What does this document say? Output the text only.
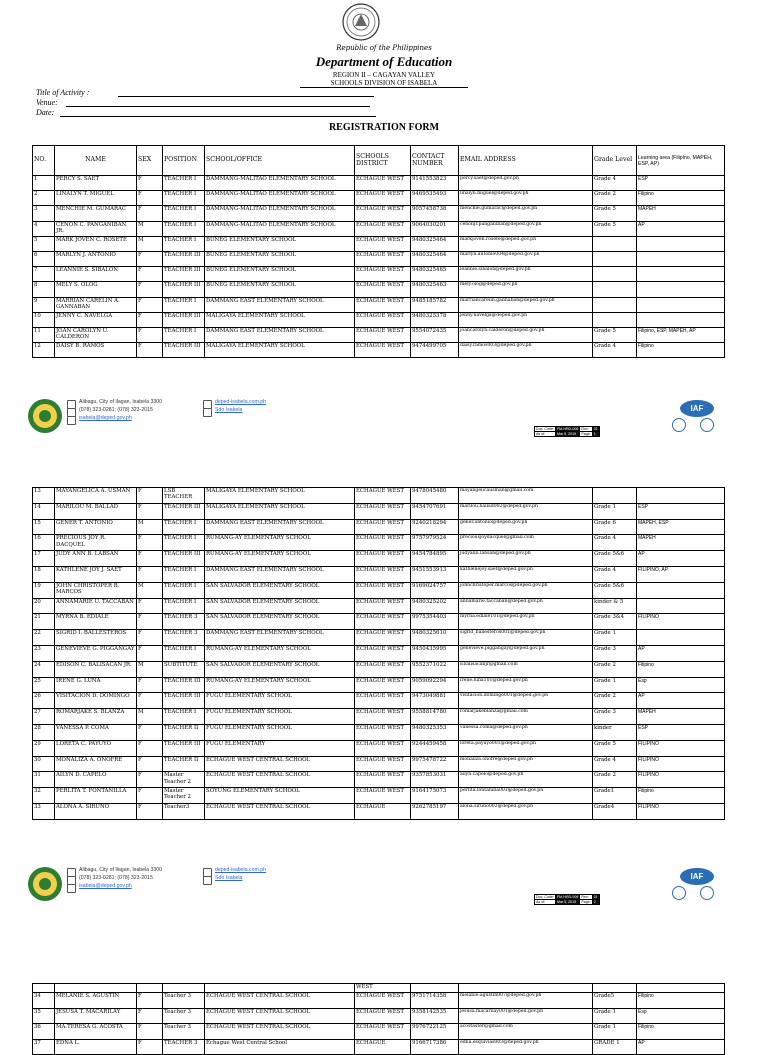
Republic of the Philippines
Department of Education
REGION II – CAGAYAN VALLEY
SCHOOLS DIVISION OF ISABELA
Title of Activity :
Venue:
Date:
REGISTRATION FORM
NO.	NAME	SEX	POSITION	SCHOOL/OFFICE	SCHOOLS DISTRICT	CONTACT NUMBER	EMAIL ADDRESS	Grade Level	Learning area (Filipino, MAPEH, ESP, AP)
1	PERCY S. SAET	F	TEACHER I	DAMMANG-MALITAO ELEMENTARY SCHOOL	ECHAGUE WEST	9141553823	percy.saet@deped.gov.ph	Grade 4	ESP
2	LINALYN T. MIGUEL	F	TEACHER I	DAMMANG-MALITAO ELEMENTARY SCHOOL	ECHAGUE WEST	9469535493	linalyn.miguel@deped.gov.ph	Grade 2	Filipino
3	MENCHIE M. GUMARAC	F	TEACHER I	DAMMANG-MALITAO ELEMENTARY SCHOOL	ECHAGUE WEST	9057458738	menchie.gumarac@deped.gov.ph	Grade 5	MAPEH
4	CENON C. PANGANIBAN JR.	M	TEACHER I	DAMMANG-MALITAO ELEMENTARY SCHOOL	ECHAGUE WEST	9064030201	cenonjr.panganiban@deped.gov.ph	Grade 5	AP
5	MARK JOVEN C. ROSETE	M	TEACHER I	BUNEG ELEMENTARY SCHOOL	ECHAGUE WEST	9480325464	markjoven.rosete@deped.gov.ph		
6	MARLYN J. ANTONIO	F	TEACHER III	BUNEG ELEMENTARY SCHOOL	ECHAGUE WEST	9480325464	marlyn.antonio004@deped.gov.ph		
7	LEANNIE S. SIBALON	F	TEACHER III	BUNEG ELEMENTARY SCHOOL	ECHAGUE WEST	9480325465	leannie.sibalon@deped.gov.ph		
8	MELY S. OLOG	F	TEACHER III	BUNEG ELEMENTARY SCHOOL	ECHAGUE WEST	9480325463	mely.olog@deped.gov.ph		
9	MARRIAN CARELIN A. GANNABAN	F	TEACHER I	DAMMANG EAST ELEMENTARY SCHOOL	ECHAGUE WEST	9485185782	marriancarelin.gannaban@deped.gov.ph		
10	JENNY C. NAVELGA	F	TEACHER III	MALIGAYA ELEMENTARY SCHOOL	ECHAGUE WEST	9480325378	jenny.navelga@deped.gov.ph		
11	JOAN CAROLYN U. CALDERON	F	TEACHER I	DAMMANG EAST ELEMENTARY SCHOOL	ECHAGUE WEST	9554072435	joancarolyn.calderon@deped.gov.ph	Grade 5	Filipino, ESP, MAPEH, AP
12	DAISY B. RAMOS	F	TEACHER III	MALIGAYA ELEMENTARY SCHOOL	ECHAGUE WEST	9474499705	daisy.ramos003@deped.gov.ph	Grade 4	Filipino
Alibagu, City of Ilagan, Isabela 3300
(078) 323-0281; (078) 323-2015
isabela@deped.gov.ph
deped-isabela.com.ph
Sdo Isabela	IAF
Doc. Code:	FM-HRD-006	Rev:	01
As of:	Mar 5, 2019	Page:	1
13	MAYANGELICA A. USMAN	F	LSB TEACHER	MALIGAYA ELEMENTARY SCHOOL	ECHAGUE WEST	9478045480	mayangelicausman@gmail.com		
14	MARILOU M. BALLAD	F	TEACHER III	MALIGAYA ELEMENTARY SCHOOL	ECHAGUE WEST	9454707691	marilou.ballad002@deped.gov.ph	Grade 1	ESP
15	GENER T. ANTONIO	M	TEACHER I	DAMMANG EAST ELEMENTARY SCHOOL	ECHAGUE WEST	9240218294	gener.antonio@deped.gov.ph	Grade 6	MAPEH, ESP
16	PRECIOUS JOY R. DACQUEL	F	TEACHER I	RUMANG-AY ELEMENTARY SCHOOL	ECHAGUE WEST	9757979524	preciousjoydacquel@gmail.com	Grade 4	MAPEH
17	JUDY ANN B. LABSAN	F	TEACHER III	RUMANG-AY ELEMENTARY SCHOOL	ECHAGUE WEST	9454784895	judyann.labsan@deped.gov.ph	Grade 5&6	AP
18	KATHLENE JOY J. SAET	F	TEACHER I	DAMMANG EAST ELEMENTARY SCHOOL	ECHAGUE WEST	9451553913	kathlenejoy.saet@deped.gov.ph	Grade 4	FILIPINO, AP
19	JOHN CHRISTOPER B. MARCOS	M	TEACHER I	SAN SALVADOR ELEMENTARY SCHOOL	ECHAGUE WEST	9169024757	johnchristoper.marcos@deped.gov.ph	Grade 5&6	
20	ANNAMARIE U. TACCABAN	F	TEACHER I	SAN SALVADOR ELEMENTARY SCHOOL	ECHAGUE WEST	9480325202	annamarie.taccaban@deped.gov.ph	kinder & 5	
21	MYRNA B. EDIALE	F	TEACHER 3	SAN SALVADOR ELEMENTARY SCHOOL	ECHAGUE WEST	9975354403	myrna.ediale101@deped.gov.ph	Grade 3&4	FILIPINO
22	SIGRID I. BALLESTEROS	F	TEACHER 3	DAMMANG EAST ELEMENTARY SCHOOL	ECHAGUE WEST	9480325610	sigrid_ballesteros001@deped.gov.ph	Grade 1	
23	GENEVIEVE G. PIGGANGAY	F	TEACHER I	RUMANG-AY ELEMENTARY SCHOOL	ECHAGUE WEST	9450435995	genevieve.piggangay@deped.gov.ph	Grade 3	AP
24	EDISON C. BALISACAN JR.	M	SUBTITUTE	SAN SALVADOR ELEMENTARY SCHOOL	ECHAGUE WEST	9552371022	Ebalisacanjr@gmail.com	Grade 2	Filipino
25	IRENE G. LUNA	F	TEACHER III	RUMANG-AY ELEMENTARY SCHOOL	ECHAGUE WEST	9059092294	irene.luna101@deped.gov.ph	Grade 1	Esp
26	VISITACION D. DOMINGO	F	TEACHER III	FUGU ELEMENTARY SCHOOL	ECHAGUE WEST	9473049881	visitacion.domingo001@deped.gov.ph	Grade 2	AP
27	ROMARJAKE S. BLANZA	M	TEACHER I	FUGU ELEMENTARY SCHOOL	ECHAGUE WEST	9558814780	romarjakeblanza@gmail.com	Grade 3	MAPEH
28	VANESSA P. COMA	F	TEACHER II	FUGU ELEMENTARY SCHOOL	ECHAGUE WEST	9480325353	vanessa.coma@deped.gov.ph	kinder	ESP
29	LORETA C. PAYUYO	F	TEACHER III	FUGU ELEMENTARY	ECHAGUE WEST	9244459458	loreta.payuyo001@deped.gov.ph	Grade 5	FILIPINO
30	MONALIZA A. ONOFRE	F	TEACHER II	ECHAGUE WEST CENTRAL SCHOOL	ECHAGUE WEST	9975478722	monaliza.onofre@deped.gov.ph	Grade 4	FILIPINO
31	AILYN D. CAPELO	F	Master Teacher 2	ECHAGUE WEST CENTRAL SCHOOL	ECHAGUE WEST	9357853031	ailyn.capelo@deped.gov.ph	Grade 2	FILIPINO
32	PERLITA T. FONTANILLA	F	Master Teacher 2	SOYUNG ELEMENTARY SCHOOL	ECHAGUE WEST	9164175073	perlita.fontanilla001@deped.gov.ph	Grade1	Filipino
33	ALONA A. SIRUNO	F	Teacher3	ECHAGUE WEST CENTRAL SCHOOL	ECHAGUE	9262785197	alona.siruno002@deped.gov.ph	Grade4	FILIPINO
Alibagu, City of Ilagan, Isabela 3300
(078) 323-0281; (078) 323-2015
isabela@deped.gov.ph
deped-isabela.com.ph
Sdo Isabela	IAF
Doc. Code:	FM-HRD-006	Rev:	01
As of:	Mar 5, 2019	Page:	2
					WEST				
34	MELANIE S. AGUSTIN	F	Teacher 3	ECHAGUE WEST CENTRAL SCHOOL	ECHAGUE WEST	9751714358	melanie.agustin007@deped.gov.ph	Grade5	Filipino
35	JESUSA T. MACARILAY	F	Teacher 3	ECHAGUE WEST CENTRAL SCHOOL	ECHAGUE WEST	9358142535	jesusa.macarilay001@deped.gov.ph	Grade 1	Esp
36	MA.TERESA G. ACOSTA	F	Teacher 3	ECHAGUE WEST CENTRAL SCHOOL	ECHAGUE WEST	9976722125	acostaster@gmail.com	Grade 1	Filipino
37	EDNA L.	F	TEACHER 3	Echague West Central School	ECHAGUE	9166717386	edna.esquivias003@deped.gov.ph	GRADE 1	AP
